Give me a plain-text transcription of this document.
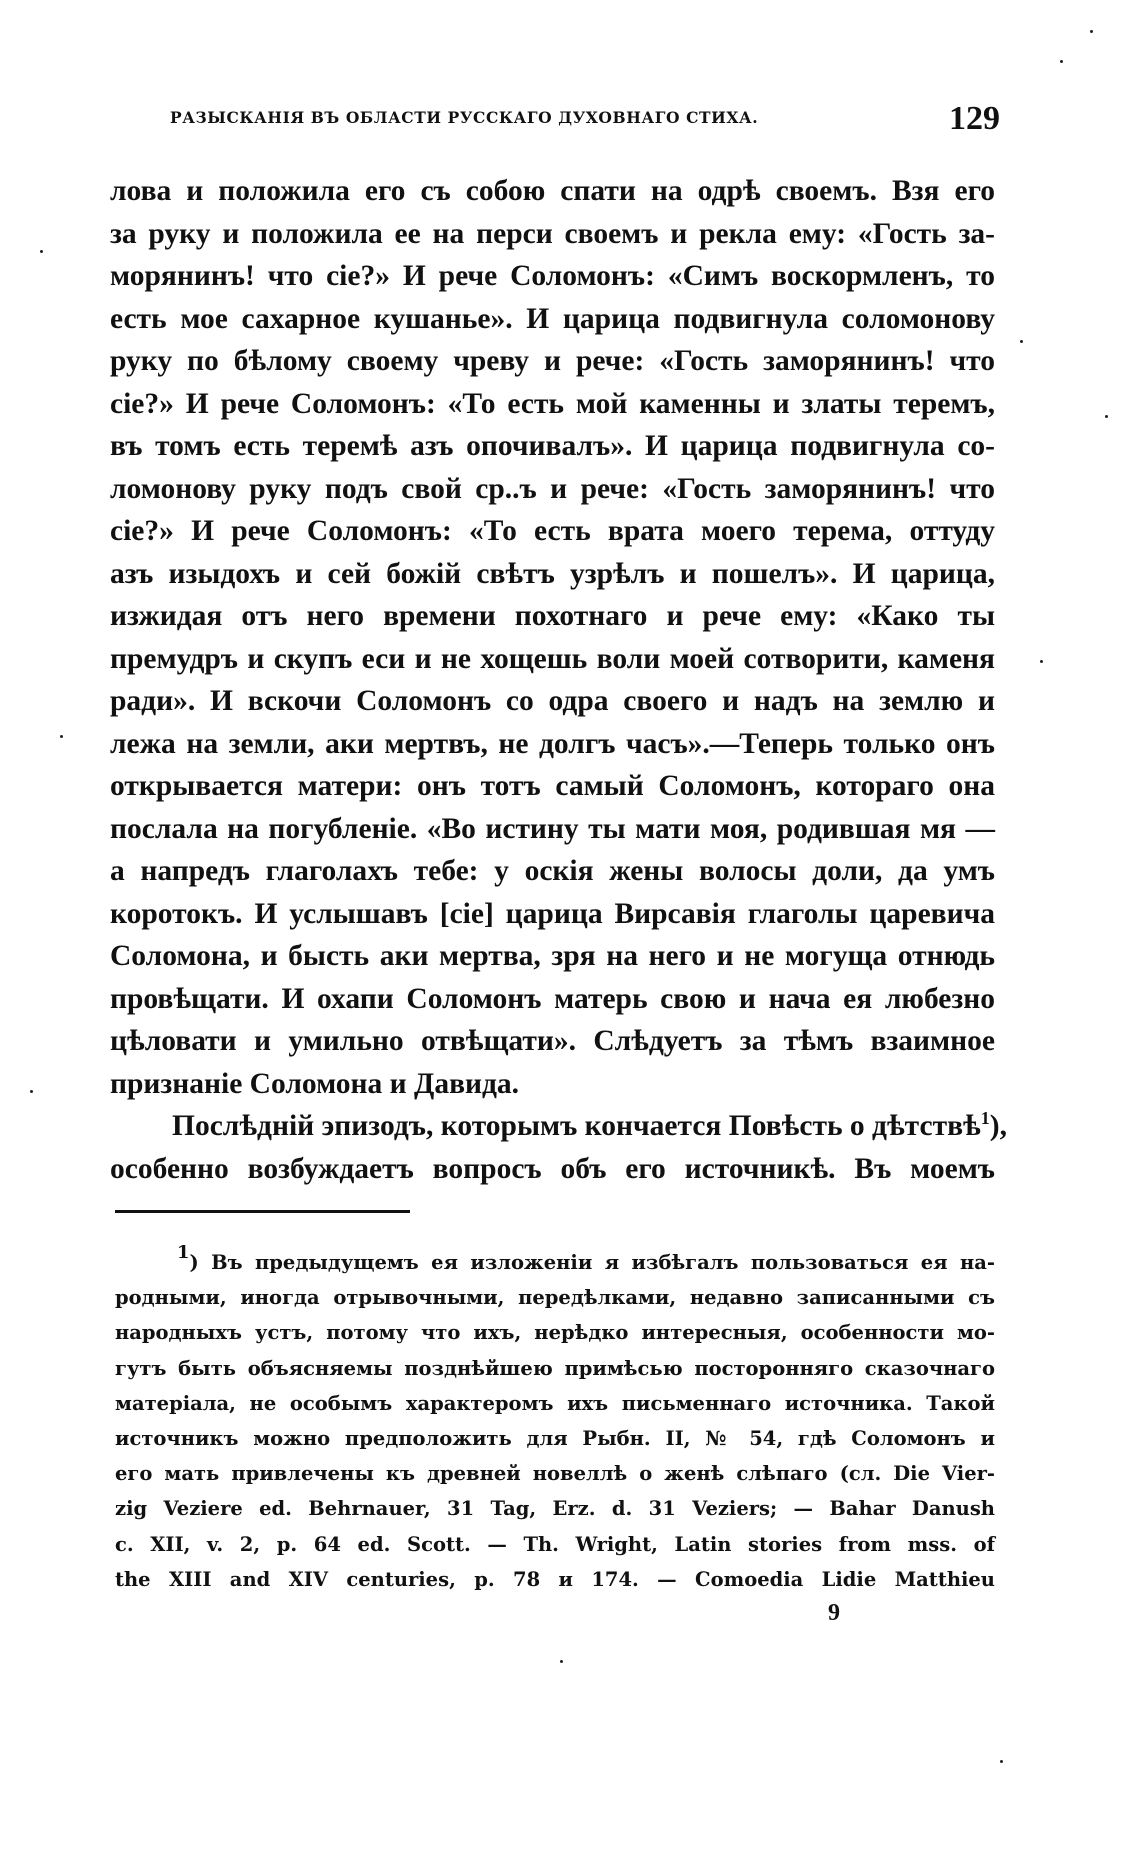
РАЗЫСКАНІЯ ВЪ ОБЛАСТИ РУССКАГО ДУХОВНАГО СТИХА.	129
лова и положила его съ собою спати на одрѣ своемъ. Взя его
за руку и положила ее на перси своемъ и рекла ему: «Гость за-
морянинъ! что сіе?» И рече Соломонъ: «Симъ воскормленъ, то
есть мое сахарное кушанье». И царица подвигнула соломонову
руку по бѣлому своему чреву и рече: «Гость заморянинъ! что
сіе?» И рече Соломонъ: «То есть мой каменны и златы теремъ,
въ томъ есть теремѣ азъ опочивалъ». И царица подвигнула со-
ломонову руку подъ свой ср..ъ и рече: «Гость заморянинъ! что
сіе?» И рече Соломонъ: «То есть врата моего терема, оттуду
азъ изыдохъ и сей божій свѣтъ узрѣлъ и пошелъ». И царица,
изжидая отъ него времени похотнаго и рече ему: «Како ты
премудръ и скупъ еси и не хощешь воли моей сотворити, каменя
ради». И вскочи Соломонъ со одра своего и надъ на землю и
лежа на земли, аки мертвъ, не долгъ часъ».—Теперь только онъ
открывается матери: онъ тотъ самый Соломонъ, котораго она
послала на погубленіе. «Во истину ты мати моя, родившая мя —
а напредъ глаголахъ тебе: у оскія жены волосы доли, да умъ
коротокъ. И услышавъ [сіе] царица Вирсавія глаголы царевича
Соломона, и бысть аки мертва, зря на него и не могуща отнюдь
провѣщати. И охапи Соломонъ матерь свою и нача ея любезно
цѣловати и умильно отвѣщати». Слѣдуетъ за тѣмъ взаимное
признаніе Соломона и Давида.
Послѣдній эпизодъ, которымъ кончается Повѣсть о дѣтствѣ$^1$),
особенно возбуждаетъ вопросъ объ его источникѣ. Въ моемъ
1) Въ предыдущемъ ея изложеніи я избѣгалъ пользоваться ея на-
родными, иногда отрывочными, передѣлками, недавно записанными съ
народныхъ устъ, потому что ихъ, нерѣдко интересныя, особенности мо-
гутъ быть объясняемы позднѣйшею примѣсью посторонняго сказочнаго
матеріала, не особымъ характеромъ ихъ письменнаго источника. Такой
источникъ можно предположить для Рыбн. II, № 54, гдѣ Соломонъ и
его мать привлечены къ древней новеллѣ о женѣ слѣпаго (сл. Die Vier-
zig Veziere ed. Behrnauer, 31 Tag, Erz. d. 31 Veziers; — Bahar Danush
c. XII, v. 2, p. 64 ed. Scott. — Th. Wright, Latin stories from mss. of
the XIII and XIV centuries, p. 78 и 174. — Comoedia Lidie Matthieu
9
